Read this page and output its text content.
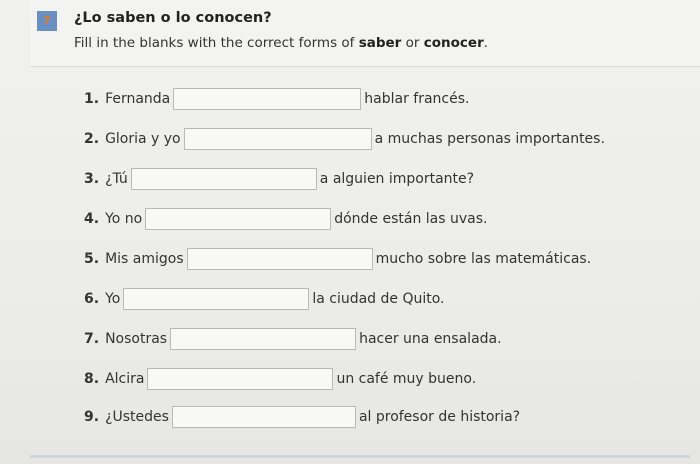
7	¿Lo saben o lo conocen?
Fill in the blanks with the correct forms of saber or conocer.
1. Fernanda	hablar francés.
2. Gloria y yo	a muchas personas importantes.
3. ¿Tú	a alguien importante?
4. Yo no	dónde están las uvas.
5. Mis amigos	mucho sobre las matemáticas.
6. Yo	la ciudad de Quito.
7. Nosotras	hacer una ensalada.
8. Alcira	un café muy bueno.
9. ¿Ustedes	al profesor de historia?
